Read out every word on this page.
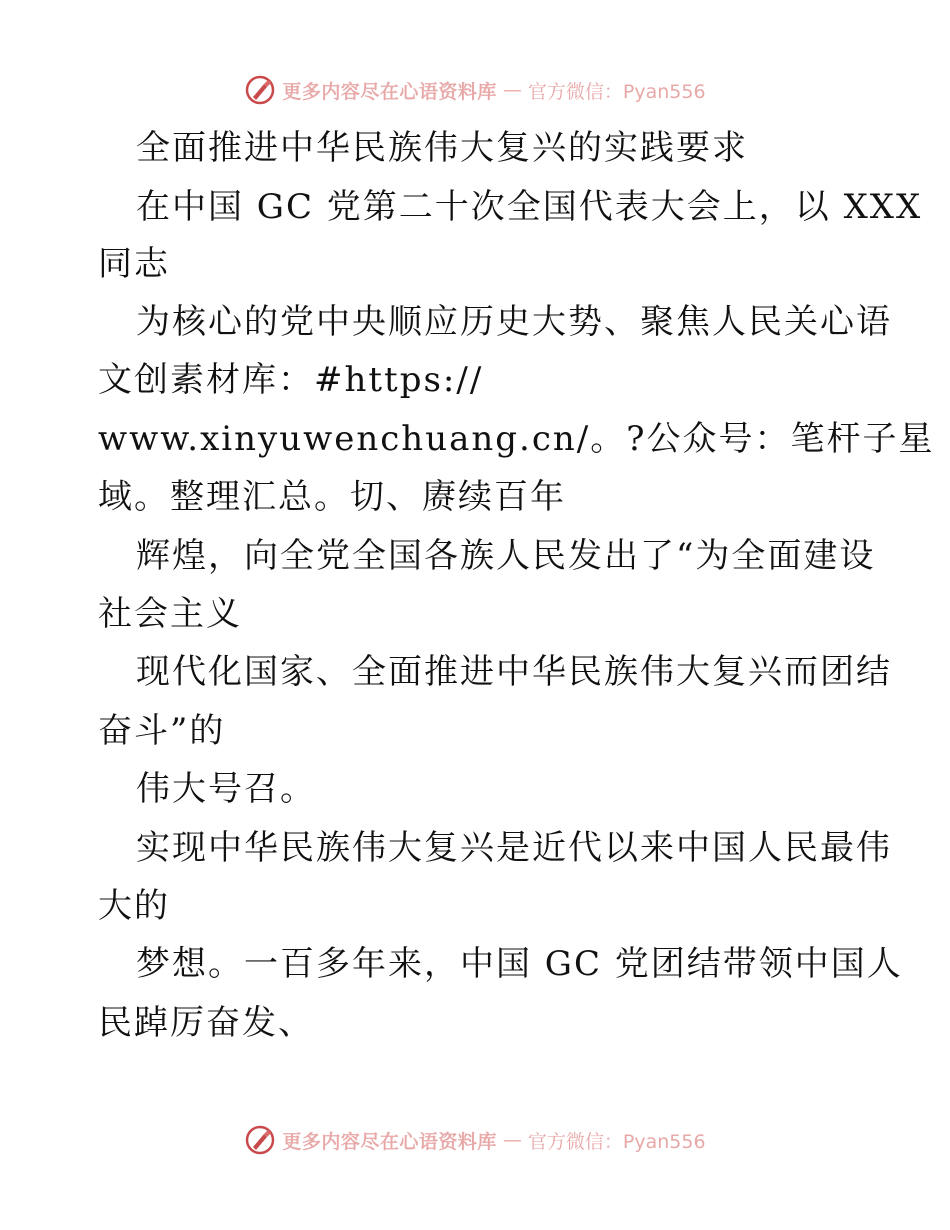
更多内容尽在心语资料库 — 官方微信：Pyan556
全面推进中华民族伟大复兴的实践要求
在中国 GC 党第二十次全国代表大会上，以 XXX
同志
为核心的党中央顺应历史大势、聚焦人民关心语
文创素材库：#https://
www.xinyuwenchuang.cn/。?公众号：笔杆子星
域。整理汇总。切、赓续百年
辉煌，向全党全国各族人民发出了“为全面建设
社会主义
现代化国家、全面推进中华民族伟大复兴而团结
奋斗”的
伟大号召。
实现中华民族伟大复兴是近代以来中国人民最伟
大的
梦想。一百多年来，中国 GC 党团结带领中国人
民踔厉奋发、
更多内容尽在心语资料库 — 官方微信：Pyan556
